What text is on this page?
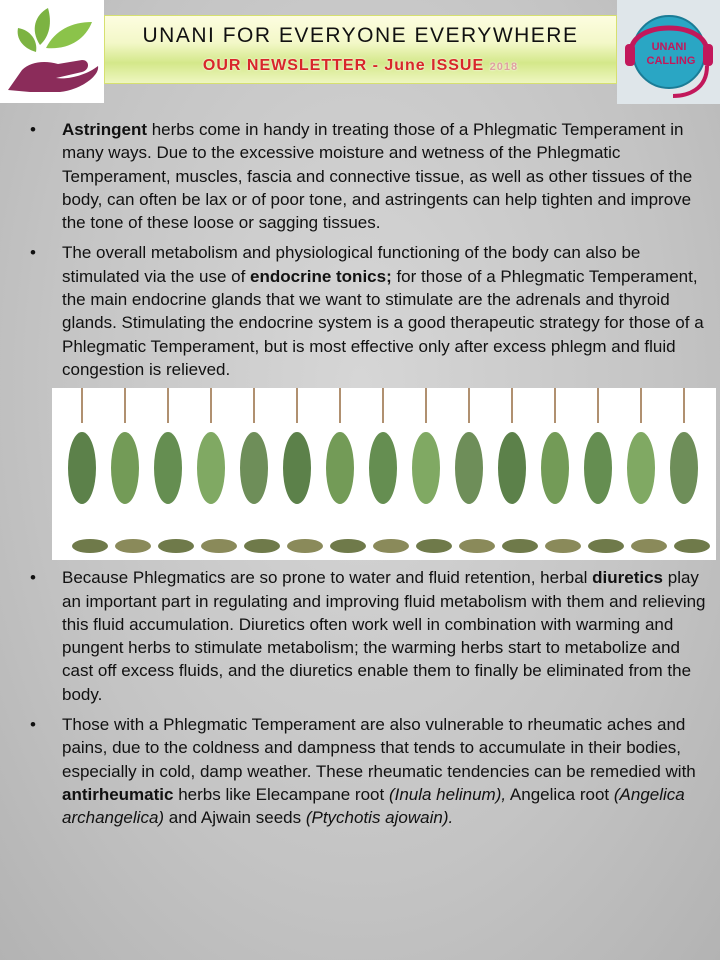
UNANI FOR EVERYONE EVERYWHERE
OUR NEWSLETTER - June ISSUE 2018
UNANI
CALLING
• Astringent herbs come in handy in treating those of a Phlegmatic Temperament in many ways. Due to the excessive moisture and wetness of the Phlegmatic Temperament, muscles, fascia and connective tissue, as well as other tissues of the body, can often be lax or of poor tone, and astringents can help tighten and improve the tone of these loose or sagging tissues.
• The overall metabolism and physiological functioning of the body can also be stimulated via the use of endocrine tonics; for those of a Phlegmatic Temperament, the main endocrine glands that we want to stimulate are the adrenals and thyroid glands. Stimulating the endocrine system is a good therapeutic strategy for those of a Phlegmatic Temperament, but is most effective only after excess phlegm and fluid congestion is relieved.
• Because Phlegmatics are so prone to water and fluid retention, herbal diuretics play an important part in regulating and improving fluid metabolism with them and relieving this fluid accumulation. Diuretics often work well in combination with warming and pungent herbs to stimulate metabolism; the warming herbs start to metabolize and cast off excess fluids, and the diuretics enable them to finally be eliminated from the body.
• Those with a Phlegmatic Temperament are also vulnerable to rheumatic aches and pains, due to the coldness and dampness that tends to accumulate in their bodies, especially in cold, damp weather. These rheumatic tendencies can be remedied with antirheumatic herbs like Elecampane root (Inula helinum), Angelica root (Angelica archangelica) and Ajwain seeds (Ptychotis ajowain).
